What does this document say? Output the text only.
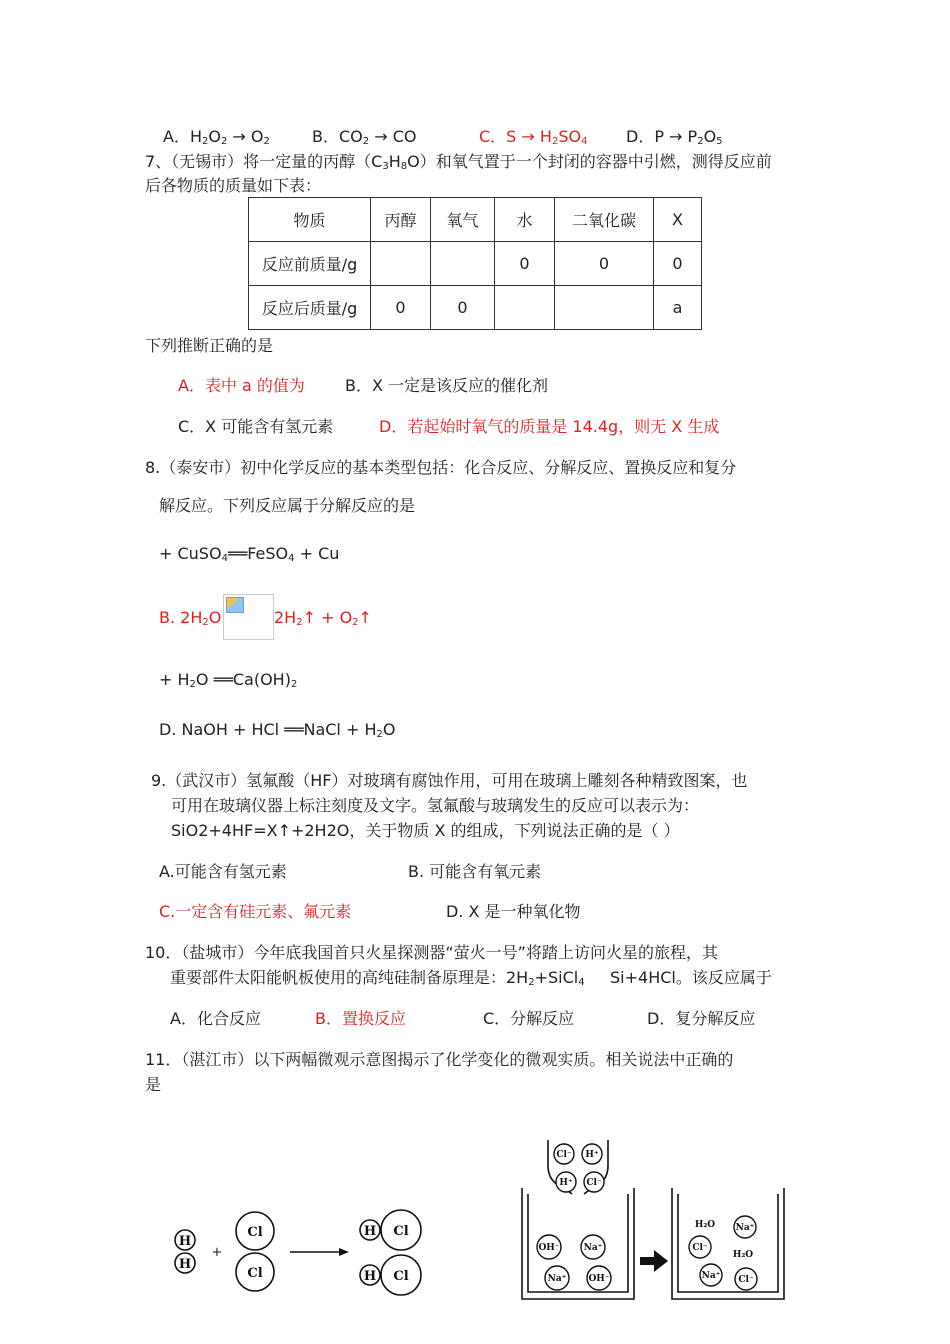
A．$H_2O_2 \to O_2$	B．$CO_2$ → CO	C．$S \to H_2SO_4$ D．$P \to P_2O_5$
7、（无锡市）将一定量的丙醇$(C_3H_8O)$和氧气置于一个封闭的容器中引燃，测得反应前
后各物质的质量如下表：
物质	丙醇	氧气	水	二氧化碳	X
反应前质量/g			0	0	0
反应后质量/g	0	0			a
下列推断正确的是
A．表中 a 的值为	B．X 一定是该反应的催化剂
C．X 可能含有氢元素	D．若起始时氧气的质量是 14.4g，则无 X 生成
8.（泰安市）初中化学反应的基本类型包括：化合反应、分解反应、置换反应和复分
解反应。下列反应属于分解反应的是
+ CuSO$_4$══FeSO$_4$ + Cu
B. $2H_2O$	$2H_2↑$ + $O_2↑$
+ $H_2O$ $══Ca(OH)_2$
D. NaOH + HCl ══NaCl + $H_2O$
9.（武汉市）氢氟酸（HF）对玻璃有腐蚀作用，可用在玻璃上雕刻各种精致图案，也
可用在玻璃仪器上标注刻度及文字。氢氟酸与玻璃发生的反应可以表示为：
SiO2+4HF=X↑+2H2O，关于物质 X 的组成，下列说法正确的是（ ）
A.可能含有氢元素	B. 可能含有氧元素
C.一定含有硅元素、氟元素	D. X 是一种氧化物
10．（盐城市）今年底我国首只火星探测器“萤火一号”将踏上访问火星的旅程，其
重要部件太阳能帆板使用的高纯硅制备原理是：$2H_2+SiCl_4$     Si+4HCl。该反应属于
A．化合反应	B．置换反应	C．分解反应	D．复分解反应
11．（湛江市）以下两幅微观示意图揭示了化学变化的微观实质。相关说法中正确的
是
H
H
+
Cl
Cl
H Cl
H Cl
Cl⁻ H⁺
H⁺ Cl⁻
OH⁻	Na⁺
Na⁺ OH⁻
H₂O Na⁺
Cl⁻
H₂O
Na⁺ Cl⁻
